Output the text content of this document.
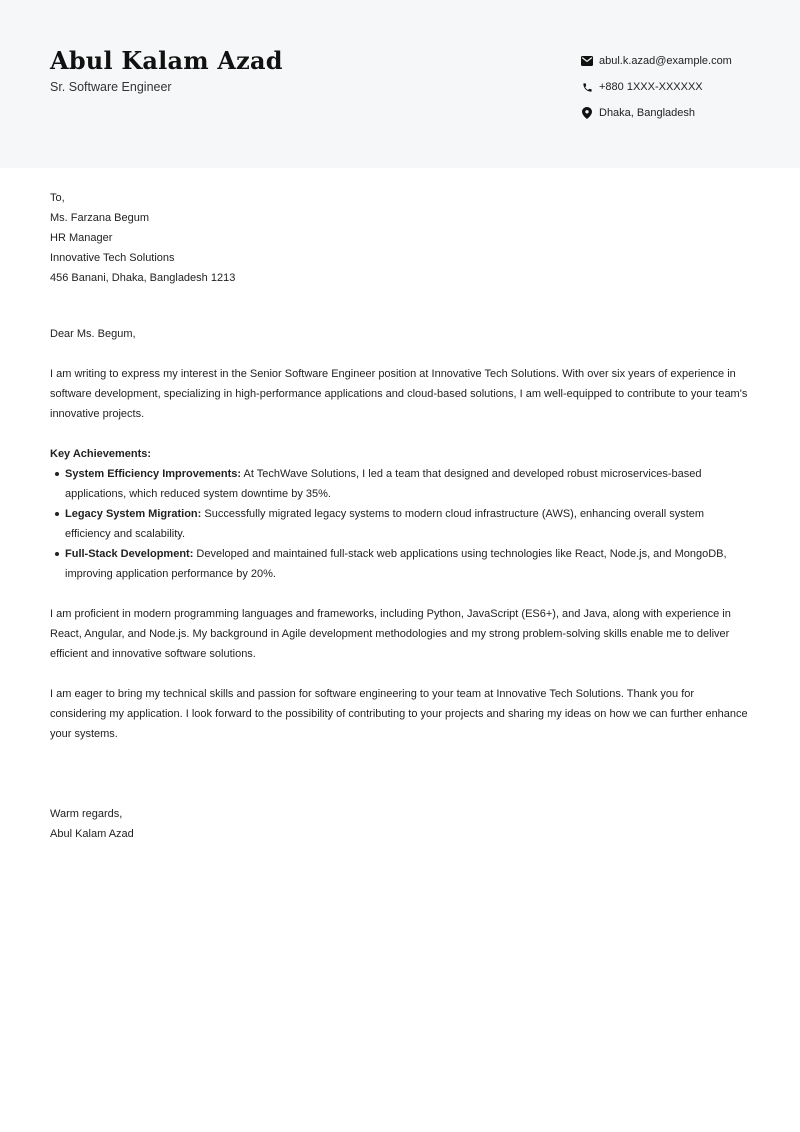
Abul Kalam Azad
Sr. Software Engineer
abul.k.azad@example.com
+880 1XXX-XXXXXX
Dhaka, Bangladesh

To,

Ms. Farzana Begum

HR Manager

Innovative Tech Solutions

456 Banani, Dhaka, Bangladesh 1213

Dear Ms. Begum,

I am writing to express my interest in the Senior Software Engineer position at Innovative Tech Solutions. With over six years of experience in software development, specializing in high-performance applications and cloud-based solutions, I am well-equipped to contribute to your team's innovative projects.

Key Achievements:

System Efficiency Improvements: At TechWave Solutions, I led a team that designed and developed robust microservices-based applications, which reduced system downtime by 35%.
Legacy System Migration: Successfully migrated legacy systems to modern cloud infrastructure (AWS), enhancing overall system efficiency and scalability.
Full-Stack Development: Developed and maintained full-stack web applications using technologies like React, Node.js, and MongoDB, improving application performance by 20%.

I am proficient in modern programming languages and frameworks, including Python, JavaScript (ES6+), and Java, along with experience in React, Angular, and Node.js. My background in Agile development methodologies and my strong problem-solving skills enable me to deliver efficient and innovative software solutions.

I am eager to bring my technical skills and passion for software engineering to your team at Innovative Tech Solutions. Thank you for considering my application. I look forward to the possibility of contributing to your projects and sharing my ideas on how we can further enhance your systems.

Warm regards,

Abul Kalam Azad
